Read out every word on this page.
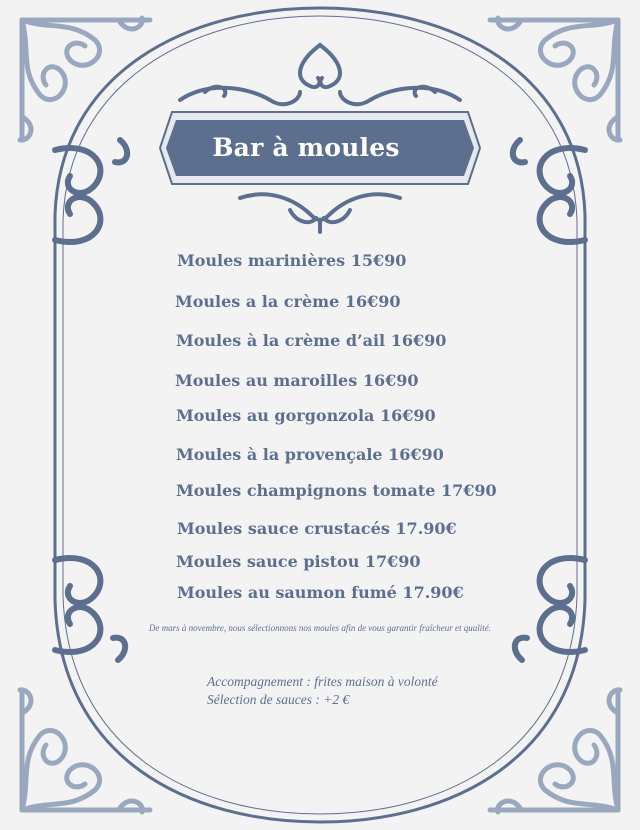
Bar à moules

Moules marinières 15€90

Moules a la crème 16€90

Moules à la crème d’ail 16€90

Moules au maroilles 16€90

Moules au gorgonzola 16€90

Moules à la provençale 16€90

Moules champignons tomate 17€90

Moules sauce crustacés 17.90€

Moules sauce pistou 17€90

Moules au saumon fumé 17.90€

De mars à novembre, nous sélectionnons nos moules afin de vous garantir fraîcheur et qualité.
Accompagnement : frites maison à volonté
Sélection de sauces : +2 €
